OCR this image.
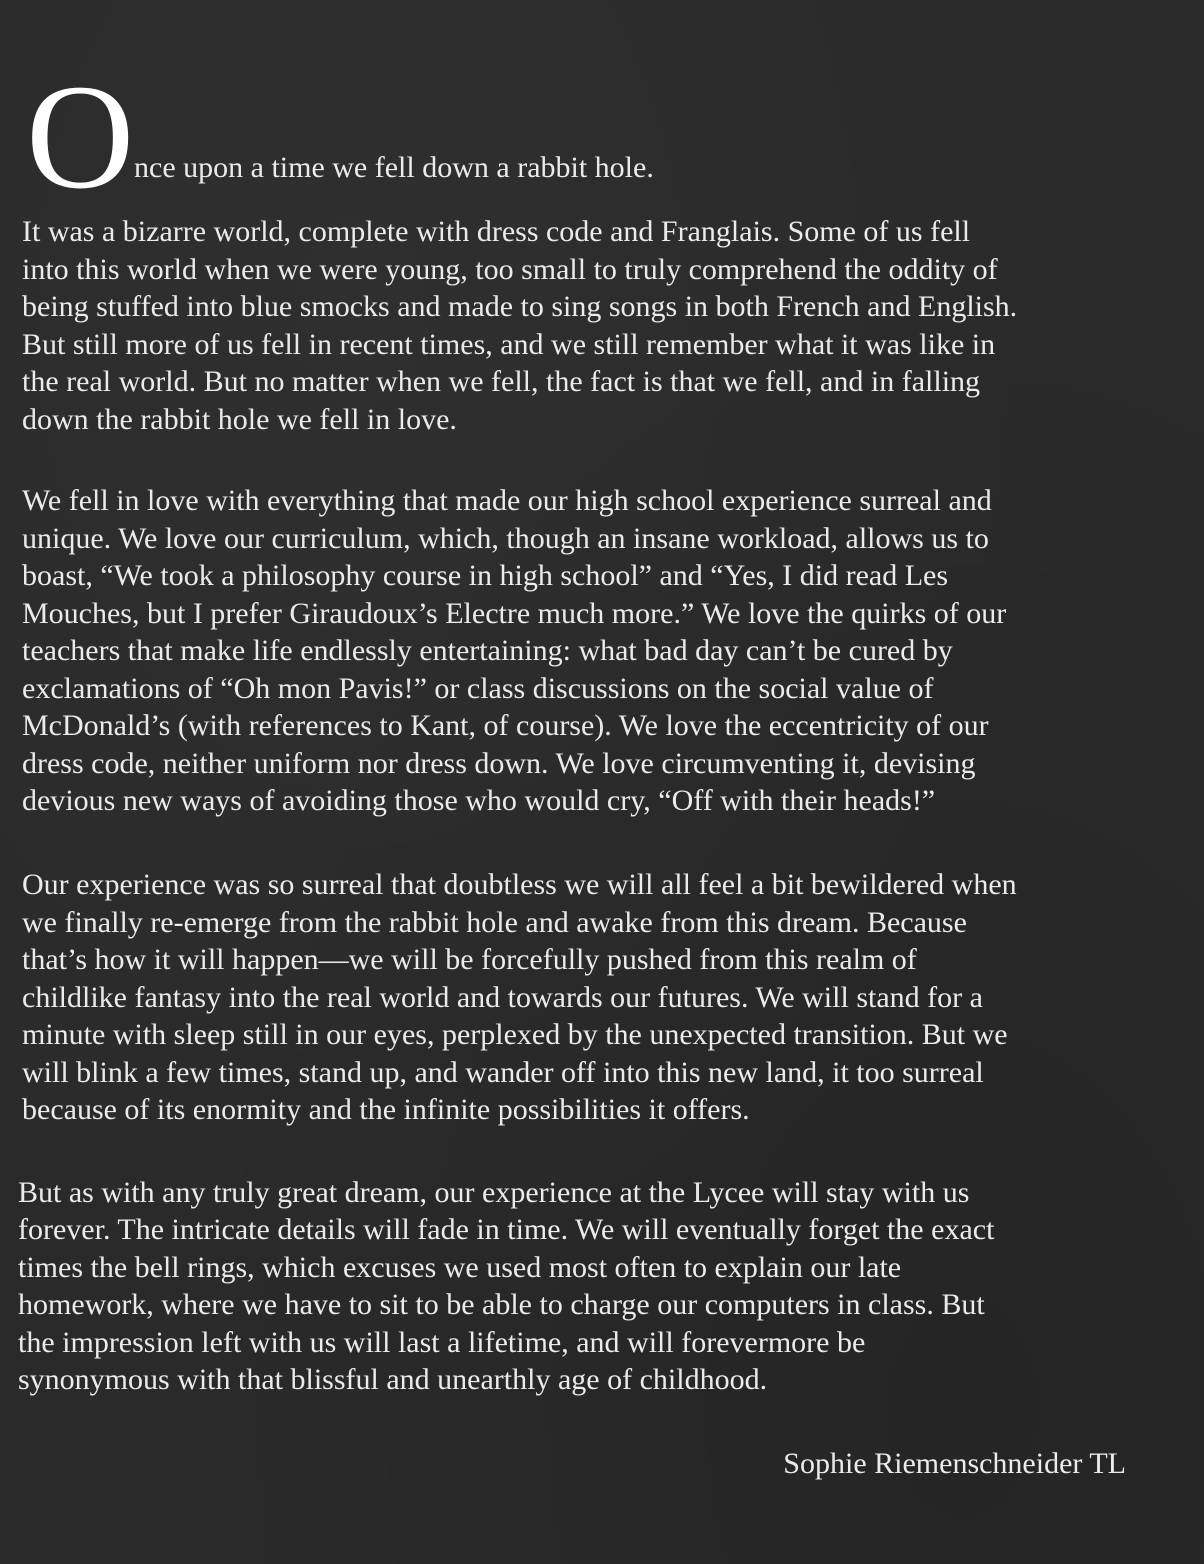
O nce upon a time we fell down a rabbit hole.
It was a bizarre world, complete with dress code and Franglais. Some of us fell
into this world when we were young, too small to truly comprehend the oddity of
being stuffed into blue smocks and made to sing songs in both French and English.
But still more of us fell in recent times, and we still remember what it was like in
the real world. But no matter when we fell, the fact is that we fell, and in falling
down the rabbit hole we fell in love.
We fell in love with everything that made our high school experience surreal and
unique. We love our curriculum, which, though an insane workload, allows us to
boast, “We took a philosophy course in high school” and “Yes, I did read Les
Mouches, but I prefer Giraudoux’s Electre much more.” We love the quirks of our
teachers that make life endlessly entertaining: what bad day can’t be cured by
exclamations of “Oh mon Pavis!” or class discussions on the social value of
McDonald’s (with references to Kant, of course). We love the eccentricity of our
dress code, neither uniform nor dress down. We love circumventing it, devising
devious new ways of avoiding those who would cry, “Off with their heads!”
Our experience was so surreal that doubtless we will all feel a bit bewildered when
we finally re-emerge from the rabbit hole and awake from this dream. Because
that’s how it will happen—we will be forcefully pushed from this realm of
childlike fantasy into the real world and towards our futures. We will stand for a
minute with sleep still in our eyes, perplexed by the unexpected transition. But we
will blink a few times, stand up, and wander off into this new land, it too surreal
because of its enormity and the infinite possibilities it offers.
But as with any truly great dream, our experience at the Lycee will stay with us
forever. The intricate details will fade in time. We will eventually forget the exact
times the bell rings, which excuses we used most often to explain our late
homework, where we have to sit to be able to charge our computers in class. But
the impression left with us will last a lifetime, and will forevermore be
synonymous with that blissful and unearthly age of childhood.
Sophie Riemenschneider TL
